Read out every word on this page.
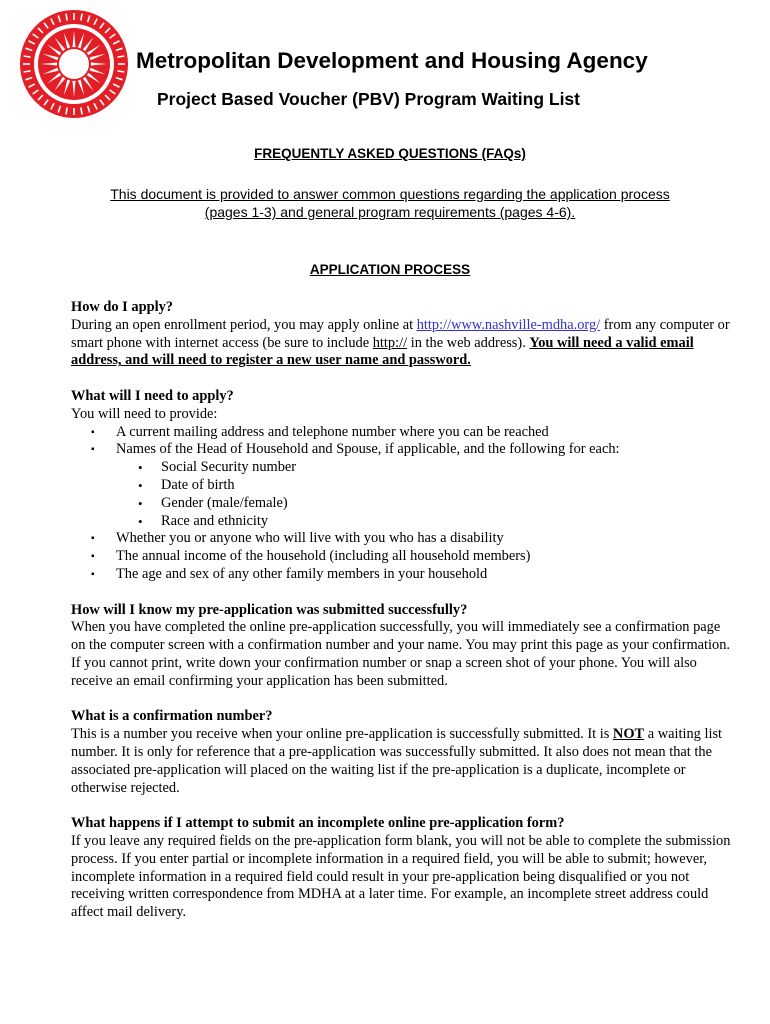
Metropolitan Development and Housing Agency
Project Based Voucher (PBV) Program Waiting List
FREQUENTLY ASKED QUESTIONS (FAQs)
This document is provided to answer common questions regarding the application process
(pages 1-3) and general program requirements (pages 4-6).
APPLICATION PROCESS

How do I apply?

During an open enrollment period, you may apply online at http://www.nashville-mdha.org/ from any computer or smart phone with internet access (be sure to include http:// in the web address). You will need a valid email address, and will need to register a new user name and password.

What will I need to apply?

You will need to provide:

▪ A current mailing address and telephone number where you can be reached
▪ Names of the Head of Household and Spouse, if applicable, and the following for each:
• Social Security number
• Date of birth
• Gender (male/female)
• Race and ethnicity
▪ Whether you or anyone who will live with you who has a disability
▪ The annual income of the household (including all household members)
▪ The age and sex of any other family members in your household

How will I know my pre-application was submitted successfully?

When you have completed the online pre-application successfully, you will immediately see a confirmation page on the computer screen with a confirmation number and your name. You may print this page as your confirmation. If you cannot print, write down your confirmation number or snap a screen shot of your phone. You will also receive an email confirming your application has been submitted.

What is a confirmation number?

This is a number you receive when your online pre-application is successfully submitted. It is NOT a waiting list number. It is only for reference that a pre-application was successfully submitted. It also does not mean that the associated pre-application will placed on the waiting list if the pre-application is a duplicate, incomplete or otherwise rejected.

What happens if I attempt to submit an incomplete online pre-application form?

If you leave any required fields on the pre-application form blank, you will not be able to complete the submission process. If you enter partial or incomplete information in a required field, you will be able to submit; however, incomplete information in a required field could result in your pre-application being disqualified or you not receiving written correspondence from MDHA at a later time. For example, an incomplete street address could affect mail delivery.
